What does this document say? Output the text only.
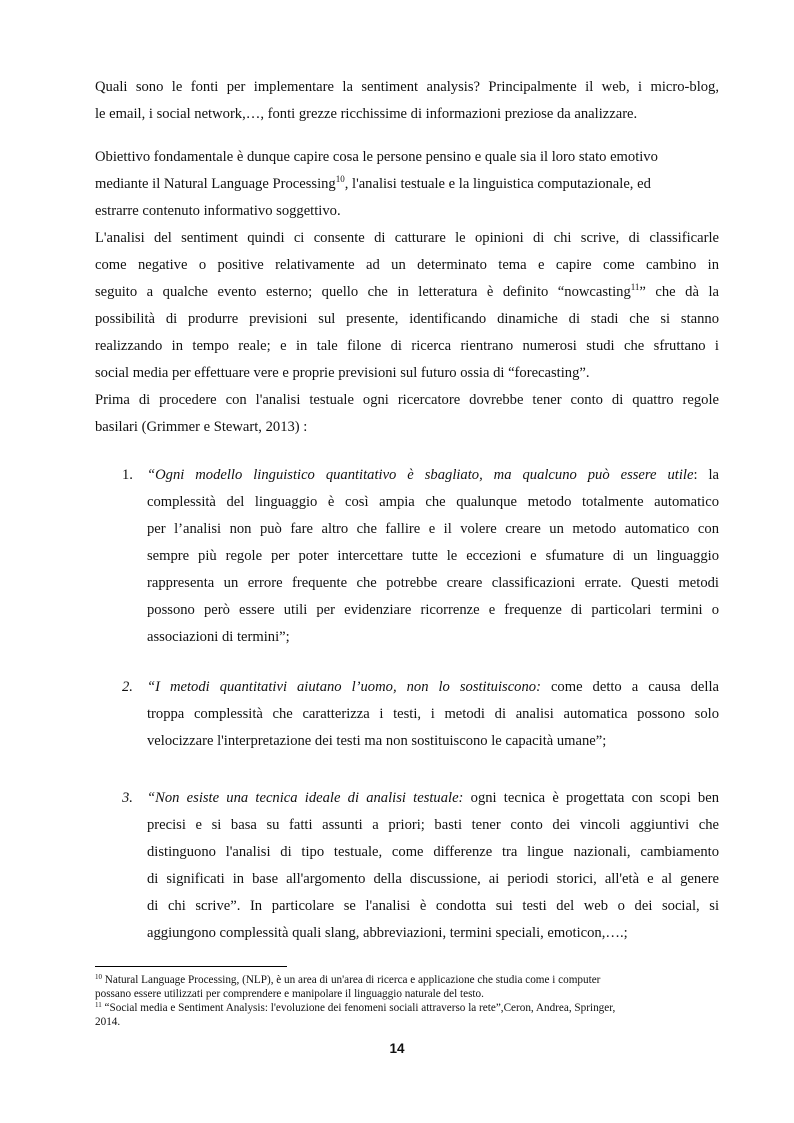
Quali sono le fonti per implementare la sentiment analysis? Principalmente il web, i micro-blog,
le email, i social network,…, fonti grezze ricchissime di informazioni preziose da analizzare.
Obiettivo fondamentale è dunque capire cosa le persone pensino e quale sia il loro stato emotivo
mediante il Natural Language Processing$^{10}$, l'analisi testuale e la linguistica computazionale, ed
estrarre contenuto informativo soggettivo.
L'analisi del sentiment quindi ci consente di catturare le opinioni di chi scrive, di classificarle
come negative o positive relativamente ad un determinato tema e capire come cambino in
seguito a qualche evento esterno; quello che in letteratura è definito “nowcasting$^{11}$” che dà la
possibilità di produrre previsioni sul presente, identificando dinamiche di stadi che si stanno
realizzando in tempo reale; e in tale filone di ricerca rientrano numerosi studi che sfruttano i
social media per effettuare vere e proprie previsioni sul futuro ossia di “forecasting”.
Prima di procedere con l'analisi testuale ogni ricercatore dovrebbe tener conto di quattro regole
basilari (Grimmer e Stewart, 2013) :
1. “Ogni modello linguistico quantitativo è sbagliato, ma qualcuno può essere utile: la
complessità del linguaggio è così ampia che qualunque metodo totalmente automatico
per l’analisi non può fare altro che fallire e il volere creare un metodo automatico con
sempre più regole per poter intercettare tutte le eccezioni e sfumature di un linguaggio
rappresenta un errore frequente che potrebbe creare classificazioni errate. Questi metodi
possono però essere utili per evidenziare ricorrenze e frequenze di particolari termini o
associazioni di termini”;
2. “I metodi quantitativi aiutano l’uomo, non lo sostituiscono: come detto a causa della
troppa complessità che caratterizza i testi, i metodi di analisi automatica possono solo
velocizzare l'interpretazione dei testi ma non sostituiscono le capacità umane”;
3. “Non esiste una tecnica ideale di analisi testuale: ogni tecnica è progettata con scopi ben
precisi e si basa su fatti assunti a priori; basti tener conto dei vincoli aggiuntivi che
distinguono l'analisi di tipo testuale, come differenze tra lingue nazionali, cambiamento
di significati in base all'argomento della discussione, ai periodi storici, all'età e al genere
di chi scrive”. In particolare se l'analisi è condotta sui testi del web o dei social, si
aggiungono complessità quali slang, abbreviazioni, termini speciali, emoticon,….;
$^{10}$ Natural Language Processing, (NLP), è un area di un'area di ricerca e applicazione che studia come i computer
possano essere utilizzati per comprendere e manipolare il linguaggio naturale del testo.
$^{11}$ “Social media e Sentiment Analysis: l'evoluzione dei fenomeni sociali attraverso la rete”,Ceron, Andrea, Springer,
2014.
14
